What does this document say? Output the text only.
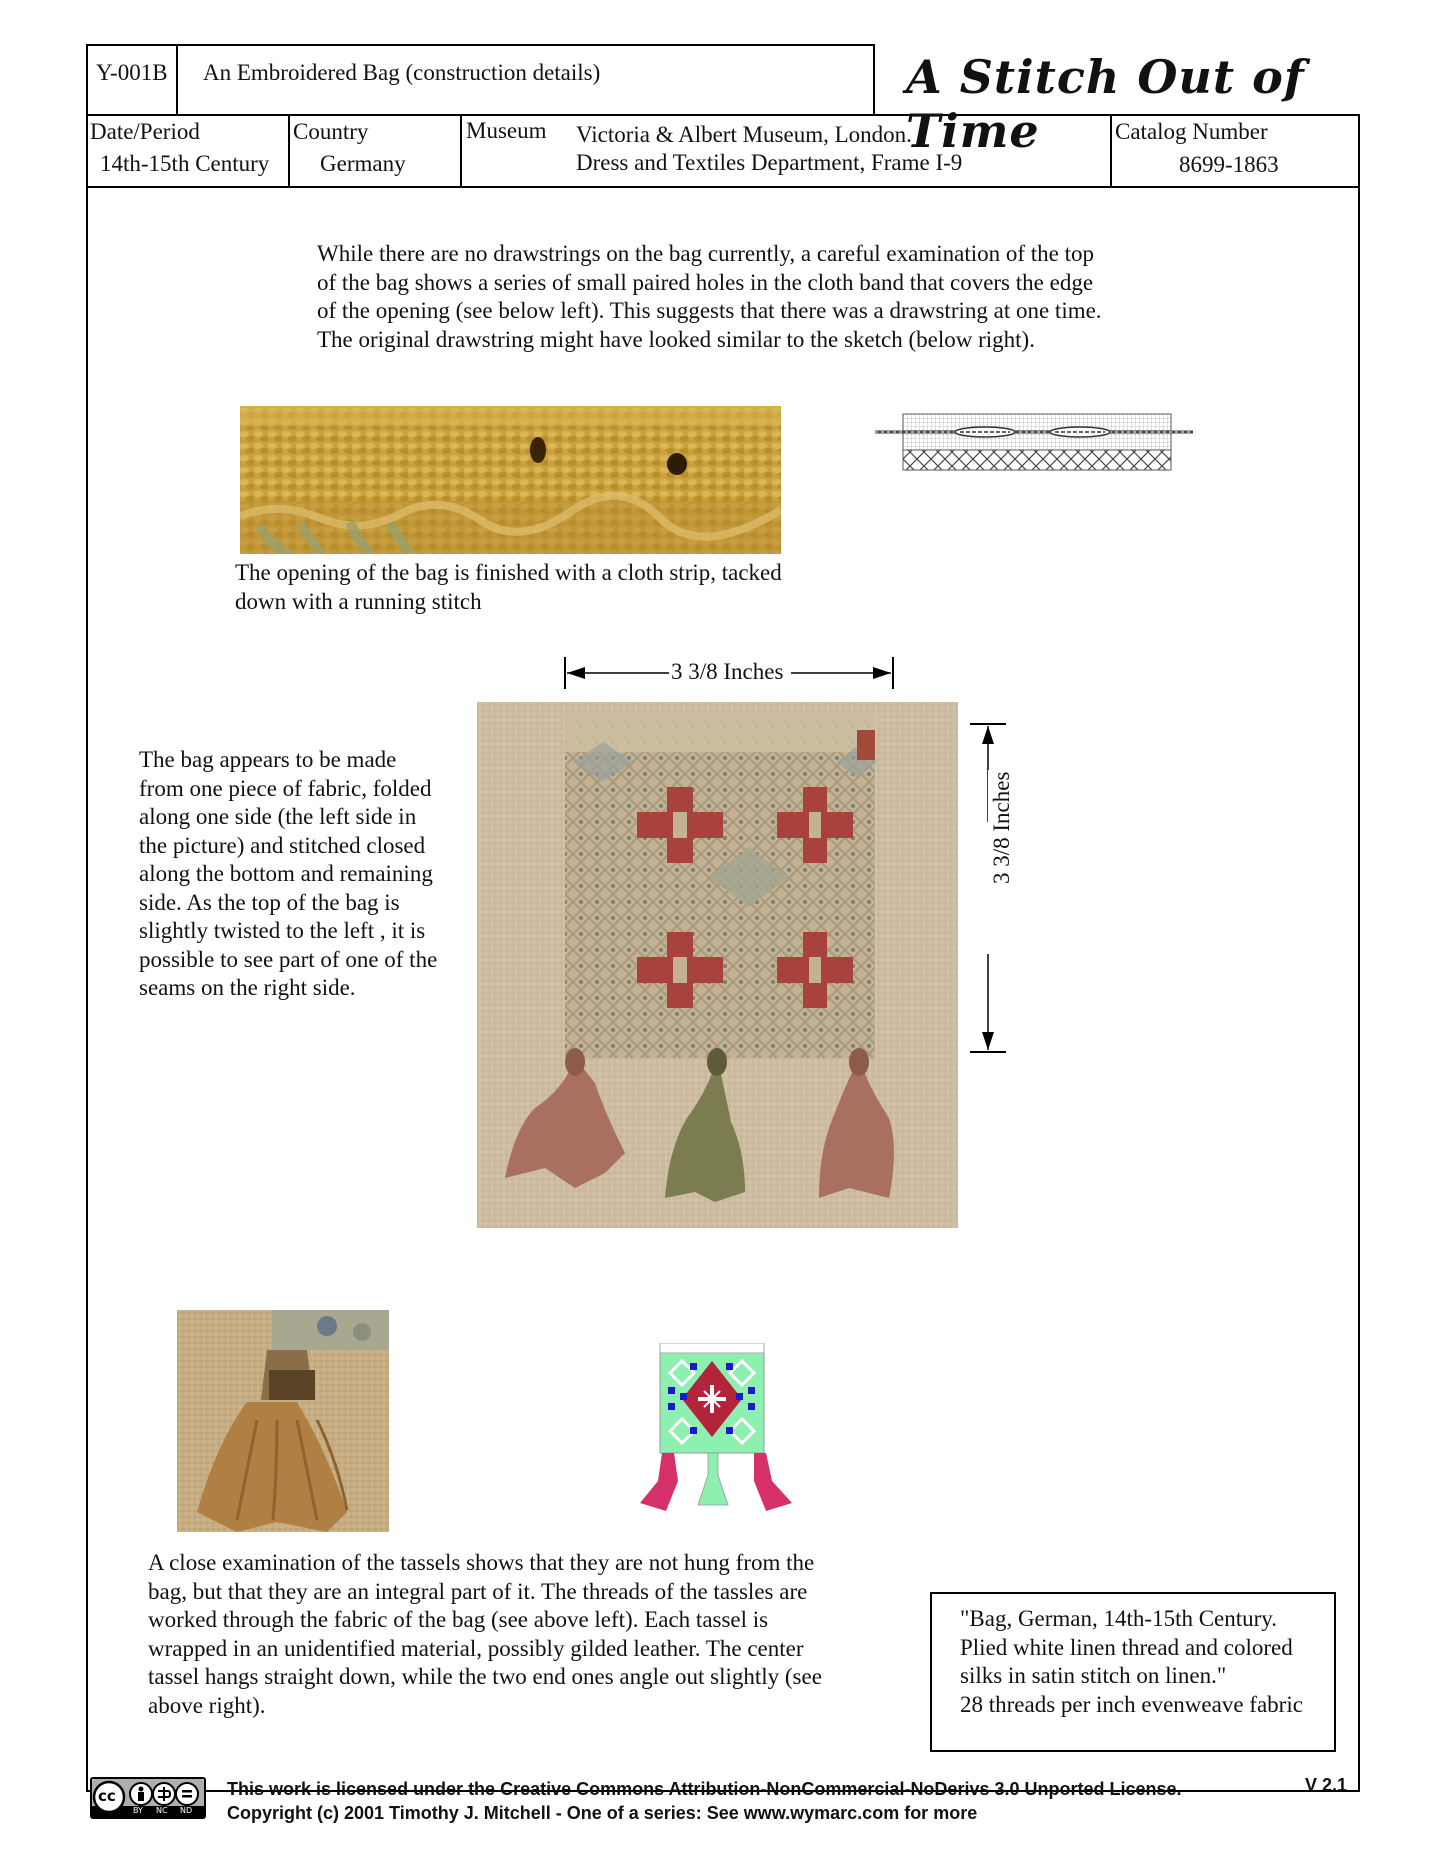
Y-001B An Embroidered Bag (construction details)	A Stitch Out of Time
Date/Period
14th-15th Century
Country
Germany
Museum Victoria & Albert Museum, London.
Dress and Textiles Department, Frame I-9
Catalog Number
8699-1863
While there are no drawstrings on the bag currently, a careful examination of the top
of the bag shows a series of small paired holes in the cloth band that covers the edge
of the opening (see below left). This suggests that there was a drawstring at one time.
The original drawstring might have looked similar to the sketch (below right).
The opening of the bag is finished with a cloth strip, tacked
down with a running stitch
3 3/8 Inches
3 3/8 Inches
The bag appears to be made
from one piece of fabric, folded
along one side (the left side in
the picture) and stitched closed
along the bottom and remaining
side. As the top of the bag is
slightly twisted to the left , it is
possible to see part of one of the
seams on the right side.
A close examination of the tassels shows that they are not hung from the
bag, but that they are an integral part of it. The threads of the tassles are
worked through the fabric of the bag (see above left). Each tassel is
wrapped in an unidentified material, possibly gilded leather. The center
tassel hangs straight down, while the two end ones angle out slightly (see
above right).
"Bag, German, 14th-15th Century.
Plied white linen thread and colored
silks in satin stitch on linen."
28 threads per inch evenweave fabric
cc
BY NC ND
This work is licensed under the Creative Commons Attribution-NonCommercial-NoDerivs 3.0 Unported License.
Copyright (c) 2001 Timothy J. Mitchell - One of a series: See www.wymarc.com for more
V 2.1
